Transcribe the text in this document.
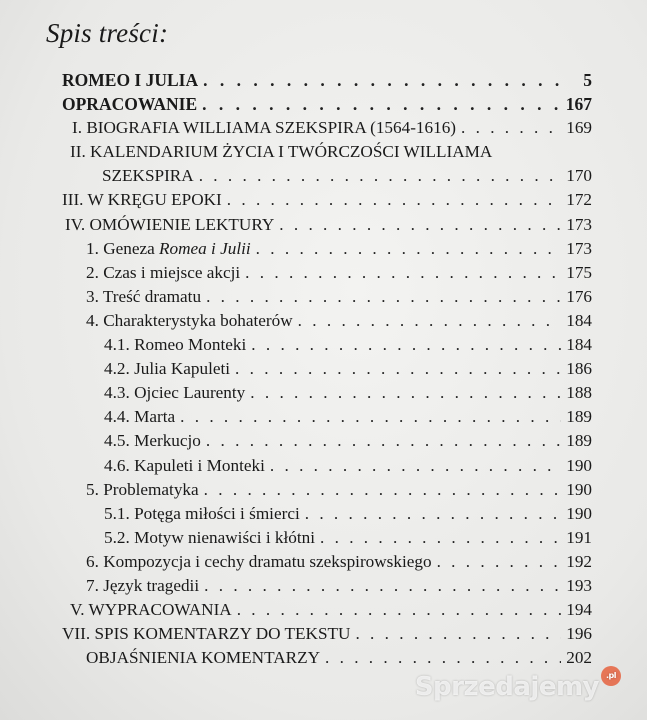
Spis treści:
ROMEO I JULIA . . .	5
OPRACOWANIE . . .	167
I. BIOGRAFIA WILLIAMA SZEKSPIRA (1564-1616) . . .	169
II. KALENDARIUM ŻYCIA I TWÓRCZOŚCI WILLIAMA
SZEKSPIRA . . .	170
III. W KRĘGU EPOKI . . .	172
IV. OMÓWIENIE LEKTURY . . .	173
1. Geneza Romea i Julii . . .	173
2. Czas i miejsce akcji . . .	175
3. Treść dramatu . . .	176
4. Charakterystyka bohaterów . . .	184
4.1. Romeo Monteki . . .	184
4.2. Julia Kapuleti . . .	186
4.3. Ojciec Laurenty . . .	188
4.4. Marta . . .	189
4.5. Merkucjo . . .	189
4.6. Kapuleti i Monteki . . .	190
5. Problematyka . . .	190
5.1. Potęga miłości i śmierci . . .	190
5.2. Motyw nienawiści i kłótni . . .	191
6. Kompozycja i cechy dramatu szekspirowskiego . . .	192
7. Język tragedii . . .	193
V. WYPRACOWANIA . . .	194
VII. SPIS KOMENTARZY DO TEKSTU . . .	196
OBJAŚNIENIA KOMENTARZY . . .	202
Sprzedajemy .pl
